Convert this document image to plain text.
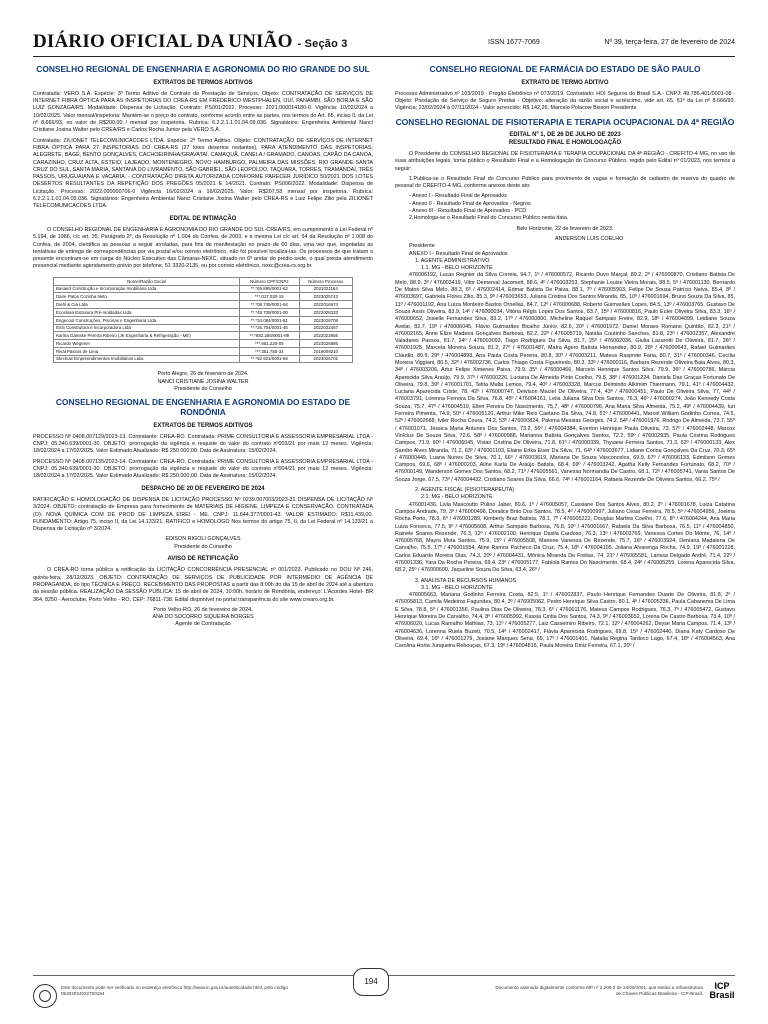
DIÁRIO OFICIAL DA UNIÃO - Seção 3	ISSN 1677-7069	Nº 39, terça-feira, 27 de fevereiro de 2024
CONSELHO REGIONAL DE ENGENHARIA E AGRONOMIA DO RIO GRANDE DO SUL
EXTRATOS DE TERMOS ADITIVOS

Contratada: VERO S.A. Espécie: 3º Termo Aditivo de Contrato de Prestação de Serviços. Objeto: CONTRATAÇÃO DE SERVIÇOS DE INTERNET FIBRA ÓPTICA PARA AS INSPETORIAS DO CREA-RS EM FREDERICO WESTPHALEN, IJUÍ, PANAMBI, SÃO BORJA E SÃO LUIZ GONZAGA/RS. Modalidade: Dispensa de Licitação. Contrato: PS001/2022. Processo: 2021.000014180-0. Vigência: 10/02/2024 a 10/02/2025. Valor mensal/inspetoria: Mantém-se o preço do contrato, conforme acordo entre as partes, nos termos do Art. 65, inciso II, da Lei nº 8.666/93, no valor de R$200,00 / mensal por inspetoria. Rubrica: 6.2.2.1.1.01.04.09.036. Signatários: Engenheira Ambiental Nanci Cristiane Josina Walter pelo CREA/RS e Carlos Rocha Junior pela VERO S.A.

Contratada: ZILIONET TELECOMUNICACOES LTDA. Espécie: 2º Termo Aditivo. Objeto: CONTRATAÇÃO DE SERVIÇOS DE INTERNET FIBRA ÓPTICA PARA 27 INSPETORIAS DO CREA-RS (27 lotes desertos restantes), PARA ATENDIMENTO DAS INSPETORIAS: ALEGRETE, BAGÉ, BENTO GONÇALVES, CACHOEIRINHA/GRAVATAÍ, CAMAQUÃ, CANELA / GRAMADO, CANOAS, CAPÃO DA CANOA, CARAZINHO, CRUZ ALTA, ESTEIO, LAJEADO, MONTENEGRO, NOVO HAMBURGO, PALMEIRA DAS MISSÕES, RIO GRANDE SANTA CRUZ DO SUL, SANTA MARIA, SANTANA DO LIVRAMENTO, SÃO GABRIEL, SÃO LEOPOLDO, TAQUARA, TORRES, TRAMANDAÍ, TRÊS PASSOS, URUGUAIANA E VACARIA. - CONTRATAÇÃO DIRETA AUTORIZADA CONFORME PARECER JURÍDICO 50/2021 DOS LOTES DESERTOS RESULTANTES DA REPETIÇÃO DOS PREGÕES 05/2021 E 14/2021. Contrato: PS006/2022. Modalidade: Dispensa de Licitação. Processo: 2022.000000706-0 Vigência 16/02/2024 a 16/02/2025. Valor: R$207,58 mensal por inspetoria. Rubrica: 6.2.2.1.1.01.04.09.036. Signatários: Engenheira Ambiental Nanci Cristiane Josina Walter pelo CREA-RS e Luiz Felipe Zilio pela ZILIONET TELECOMUNICACOES LTDA.

EDITAL DE INTIMAÇÃO

O CONSELHO REGIONAL DE ENGENHARIA E AGRONOMIA DO RIO GRANDE DO SUL-CREA/RS, em cumprimento à Lei Federal nº 5.194, de 1966, c/c art. 35, Parágrafo 2º, da Resolução nº 1.004 do Confea, de 2003, e à mesma Lei c/c art. 54 da Resolução nº 1.008 do Confea, de 2004, científica as pessoas a seguir arroladas, para fins de manifestação no prazo de 60 dias, uma vez que, esgotadas as tentativas de entrega de correspondências por via postal e/ou correio eletrônico, não foi possível localizá-las. Os processos de que tratam o presente encontram-se em carga do Núcleo Executivo das Câmaras-NEXC, situado no 6º andar do prédio-sede, o qual presta atendimento presencial mediante agendamento prévio por telefone, 51 3320-2135, ou por correio eletrônico, nexc@crea-rs.org.br.

Nome/Razão Social	Número CPF/CNPJ	Número Processo
Basaert Construção e Incorporação Imobiliária Ltda	**.*65.895/0001-62	2021021164
Daire Patos Cozinha Neto	***.017.020-15	2023025743
Diehl & Cia Ltda	**.*08.749/0001-84	2022016674
Ecosloan Estrutura Pré-moldadas Ltda	**.*48.708/0001-00	2022028333
Engecool Construções, Piscinas e Engenharia Ltda.	**.*34.084/0001-81	2023026708
ESS Construtora e Incorporadora Ltda	**.*26.704/0001-46	2022032467
Karina Gamske Pereira Ribeiro (JK Engenharia & Refrigeração - ME)	**.*892.286/0001-89	2022022955
Ricardo Wegener	***.961.220-05	2023026885
Rival Passos de Lima	***.351.780-34	2019009210
Stechow Empreendimentos Imobiliários Ltda.	**.*92.921/0001-68	2023026702

Porto Alegre, 26 de fevereiro de 2024.

NANCI CRISTIANE JOSINA WALTER

Presidente do Conselho

CONSELHO REGIONAL DE ENGENHARIA E AGRONOMIA DO ESTADO DE RONDÔNIA
EXTRATOS DE TERMOS ADITIVOS

PROCESSO Nº 0408.007129/2023-13. Contratante: CREA-RO. Contratada: PRIME CONSULTORIA E ASSESSORIA EMPRESARIAL LTDA - CNPJ: 05.340.639/0001-30. OBJETO: prorrogação da vigência e reajuste do valor do contrato nº003/21 por mais 12 meses. Vigência: 18/02/2024 a 17/02/2025. Valor Estimado Atualizado: R$ 250.000,00. Data de Assinatura: 15/02/2024.

PROCESSO Nº 0408.007135/2023-14. Contratante: CREA-RO. Contratada: PRIME CONSULTORIA E ASSESSORIA EMPRESARIAL LTDA - CNPJ: 05.340.639/0001-30. OBJETO: prorrogação da vigência e reajuste do valor do contrato nº004/21 por mais 12 meses. Vigência: 18/02/2024 a 17/02/2025. Valor Estimado Atualizado: R$ 250.000,00. Data de Assinatura: 15/02/2024.

DESPACHO DE 20 DE FEVEREIRO DE 2024

RATIFICAÇÃO E HOMOLOGAÇÃO DE DISPENSA DE LICITAÇÃO PROCESSO Nº 0239.007003/2023-31 DISPENSA DE LICITAÇÃO Nº 3/2024. OBJETO: contratação de Empresa para fornecimento de MATERIAIS DE HIGIENE, LIMPEZA E CONSERVAÇÃO. CONTRATADA (O): NOVA QUÍMICA COM DE PROD DE LIMPEZA EIREI - ME. CNPJ: 11.644.377/0001-43. VALOR ESTIMADO: R$11.439,00. FUNDAMENTO: Artigo 75, inciso II, da Lei 14.133/21. RATIFICO e HOMOLOGO Nos termos do artigo 75, II, da Lei Federal nº 14.133/21 a Dispensa de Licitação nº 3/2024.

EDISON RIGOLI GONÇALVES

Presidente do Conselho

AVISO DE RETIFICAÇÃO

O CREA-RO torna pública a retificação da LICITAÇÃO CONCORRÊNCIA PRESENCIAL nº 001/2023. Publicado no DOU Nº 246, quinta-feira, 28/12/2023. OBJETO: CONTRATAÇÃO DE SERVIÇOS DE PUBLICIDADE POR INTERMÉDIO DE AGÊNCIA DE PROPAGANDA, do tipo TÉCNICA E PREÇO. RECEBIMENTO DAS PROPOSTAS a partir das 8:00h do dia 15 de abril de 2024 até a abertura da sessão pública. REALIZAÇÃO DA SESSÃO PÚBLICA: 15 de abril de 2024, 10:00h, horário de Rondônia, endereço: L'Acordes Hotel- BR 364, 8250 - Aeroclube, Porto Velho - RO, CEP: 76811-738. Edital disponível no portal transparência do site www.crearo.org.br.

Porto Velho-RO, 26 de fevereiro de 2024.

ANA DO SOCORRO SIQUEIRA BORGES

Agente de Contratação

CONSELHO REGIONAL DE FARMÁCIA DO ESTADO DE SÃO PAULO
EXTRATO DE TERMO ADITIVO

Processo Administrativo nº 103/2019 - Pregão Eletrônico nº 073/2019. Contratado: HDI Seguros do Brasil S.A - CNPJ: 49.786.401/0001-08 - Objeto: Prestação de Serviço de Seguro Predial - Objetivo: alteração da razão social e acréscimo, vide art. 65, §1º da Lei nº 8.666/93. Vigência: 23/02/2024 à 07/11/2024 - Valor acrescido: R$ 142,26. Marcelo Polacow Bisson Presidente

CONSELHO REGIONAL DE FISIOTERAPIA E TERAPIA OCUPACIONAL DA 4ª REGIÃO
EDITAL Nº 1, DE 26 DE JULHO DE 2023
RESULTADO FINAL E HOMOLOGAÇÃO

O Presidente do CONSELHO REGIONAL DE FISIOTERAPIA E TERAPIA OCUPACIONAL DA 4ª REGIÃO - CREFITO-4 MG, no uso de suas atribuições legais, torna público o Resultado Final e a Homologação do Concurso Público, regido pelo Edital nº 01/2023, nos termos a seguir:

1.Publica-se o Resultado Final do Concurso Público para provimento de vagas e formação de cadastro de reserva do quadro de pessoal do CREFITO-4 MG, conforme anexos deste ato:

- Anexo I - Resultado Final de Aprovados

- Anexo II - Resultado Final de Aprovados - Negros

- Anexo III - Resultado Final de Aprovados - PCD

2.Homologa-se o Resultado Final do Concurso Público nesta data.

Belo Horizonte, 22 de fevereiro de 2023.

ANDERSON LUÍS COELHO

Presidente

ANEXO I - Resultado Final de Aprovados

1. AGENTE ADMINISTRATIVO

1.1. MG - BELO HORIZONTE

476006192, Lucas Regnier da Silva Correia, 94.7, 1º / 476000572, Ricardo Duvo Marçal, 89.2, 2º / 476000870, Cristiano Batista De Melo, 88.9, 3º / 476003419, Vitor Demerval Jacomett, 88.6, 4º / 476003253, Stephanie Louise Vieira Morais, 88.5, 5º / 476001130, Bernardo De Matos Silva Melo, 88.3, 6º / 476002414, Edmar Batista De Paiva, 88.1, 7º / 476005993, Felipe De Sousa Patrício Neiva, 85.4, 8º / 476003697, Gabriela Flores Zilio, 85.3, 9º / 476003653, Juliana Cristina Dos Santos Miranda, 85, 10º / 476001694, Bruno Souza Da Silva, 85, 11º / 476001192, Ana Luiza Monteiro Bastos Ornellas, 84.7, 12º / 476000688, Roberto Guimarães Lopes, 84.5, 13º / 476003765, Gustavo De Souza Assis Oliveira, 83.9, 14º / 476000034, Vitória Régis Lopes Dos Santos, 83.7, 15º / 476000816, Paulo Euler Oliveira Silva, 83.3, 16º / 476000652, Josielle Fernandes Silva, 83.2, 17º / 476000800, Micheline Raquel Sampaio Freire, 82.9, 18º / 476004099, Leidiane Souza Avelar, 82.7, 19º / 476006045, Flávio Guimarães Bicalho Júnior, 82.6, 20º / 476001972, Daniel Moraes Romano Quintão, 82.3, 21º / 476002165, Anne Elize Madeira Gonçalves Barbosa, 82.2, 22º / 476005719, Natália Coutinho Sanches, 81.8, 23º / 476002357, Alexandre Valadares Passos, 81.7, 24º / 476003093, Tiago Rodrigues Da Silva, 81.7, 25º / 476002036, Giulia Lazarotti De Oliveira, 81.7, 26º / 476001925, Marcela Moreira Souza, 81.2, 27º / 476001487, Maíra Agero Batista Hernandez, 80.9, 28º / 476000643, Rafael Guimarães Cláudio, 80.9, 29º / 476004893, Ana Paula Costa Pereira, 80.8, 30º / 476003211, Mateus Rasprete Faria, 80.7, 31º / 476000346, Cecília Moreira Viggiani, 80.5, 32º / 476002736, Carlos Thiago Costa Figueiredo, 80.3, 33º / 476000116, Barbara Rezende Oliveira Baia Alves, 80.3, 34º / 476003206, Artur Felipe Ximenes Paiva, 79.9, 35º / 476000466, Marcelo Henrique Santos Silva, 79.9, 36º / 476000786, Márcia Aparecida Silva Araújo, 79.9, 37º / 476000226, Luciana De Almeida Pinto Coelho, 79.8, 38º / 476001224, Daniela Das Graças Fortunato De Oliveira, 79.8, 39º / 476001701, Telita Malta Lemos, 79.4, 40º / 476003328, Marcus Delmindo Alkimim Thiermann, 79.1, 41º / 476004432, Luciana Aparecida Criste, 78, 42º / 476000747, Deivison Maciel De Oliveira, 77.4, 43º / 476000451, Paulo De Oliveira Silva, 77, 44º / 476003791, Lorenna Ferreira Da Silva, 76.8, 45º / 476004161, Leila Juliana Silva Dos Santos, 76.3, 46º / 476000274, João Kennedy Costa Souza, 75.7, 47º / 476004519, Ellen Pereira Do Nascimento, 75.7, 48º / 476000796, Ana Maria Silva Almeida, 75.2, 49º / 476004439, Iuri Ferreira Pimenta, 74.9, 50º / 476005120, Arthur Mike Reis Caetano Da Silva, 74.8, 51º / 476000441, Marcel William Godinho Correa, 74.5, 52º / 476002688, Iviler Rocha Coura, 74.2, 53º / 476000824, Paloma Messias Georges, 74.2, 54º / 476001976, Rodrigo De Almeida, 73.7, 55º / 476001071, Jéssica Maria Antunes Dos Santos, 73.2, 56º / 476004384, Everton Henrique Paula Oliveira, 73, 57º / 476002448, Marcos Vinícius De Souza Silva, 72.6, 58º / 476000988, Marianna Batista Gonçalves Santos, 72.2, 59º / 476002935, Paula Cristina Rodrigues Campos, 71.9, 60º / 476006045, Vivian Cristina De Oliveira, 71.8, 61º / 476000339, Thyvane Ferreira Santos, 71.3, 62º / 476000133, Alex Sandro Alves Miranda, 71.2, 63º / 476001103, Elaine Erika Eiser Da Silva, 71, 64º / 476003677, Lidiane Corina Gonçalves Da Cruz, 70.3, 65º / 476000449, Luana Nunes De Silva, 70.1, 66º / 476003619, Mariana De Souza Vasconcelos, 69.9, 67º / 476006133, Edmilson Gomes Campos, 69.6, 68º / 476000203, Aline Karla De Araújo Batista, 68.4, 69º / 476003242, Agatha Kelly Fernandes Fortunato, 68.2, 70º / 476000149, Wanderson Gomes Dos Santos, 68.2, 71º / 476005561, Vanessa Normandia De Castro, 68.1, 72º / 476005741, Vania Santos De Souza Jorge, 67.5, 73º / 476004432, Cristiano Soares Da Silva, 66.6, 74º / 476001164, Rafaela Rezende De Oliveira Santos, 66.2, 75º /

2. AGENTE FISCAL (FISIOTERAPEUTA)

2.1. MG - BELO HORIZONTE

476001436, Livia Mascoutto Pulino Jaber, 80.6, 1º / 476005057, Cassiane Dos Santos Alves, 80.2, 2º / 476001678, Luiza Catarina Campos Andrade, 79, 3º / 476000496, Doralice Brito Dos Santos, 78.5, 4º / 476000997, Juliano Cesar Ferreira, 78.5, 5º / 476004956, Joelma Rocha Porto, 78.3, 6º / 476001289, Kimberly Braz Batista, 78.1, 7º / 476005222, Douglas Martins Coelho, 77.6, 8º / 476004244, Ana Maria Luiza Fonseca, 77.5, 9º / 476005608, Arthur Sampaio Barbosa, 76.8, 10º / 476001667, Rafaela Da Silva Barbosa, 76.5, 11º / 476004850, Rainele Soares Rezende, 76.3, 12º / 476002100, Henrique Davila Cardoso, 76.3, 13º / 476003769, Vanessa Cortes Do Monte, 76, 14º / 476005768, Mayra Mota Santos, 75.9, 15º / 476005508, Mariene Vanessa De Rezende, 75.7, 16º / 476003924, Deniana Madalena De Carvalho, 75.5, 17º / 476001554, Aline Ramos Pacheco Da Cruz, 75.4, 18º / 476004105, Juliana Alvarenga Rocha, 74.9, 19º / 476001228, Carlos Eduardo Moreira Dias, 74.3, 20º / 476004431, Mônica Miranda De Freitas, 74, 21º / 476005581, Larissa Delgado André, 71.4, 22º / 476001336, Yara Da Rocha Pereira, 69.4, 23º / 476005177, Fabíola Ramos Do Nascimento, 68.4, 24º / 476005259, Lorena Aparecida Silva, 68.2, 25º / 476000600, Jaqueline Souza Da Silva, 63.4, 26º /

3. ANALISTA DE RECURSOS HUMANOS

3.1. MG - BELO HORIZONTE

476005663, Mariana Godinho Ferreira Costa, 82.5, 1º / 476002837, Paulo Henrique Fernandes Duarte De Oliveira, 81.8, 2º / 476005813, Camila Medeiros Fagundes, 80.4, 3º / 476005062, Pedro Henrique Silva Castro, 80.1, 4º / 476005336, Paula Cabanema De Lima E Silva, 78.8, 5º / 476001356, Paulina Dias De Oliveira, 78.3, 6º / 476001176, Mateus Campos Rodrigues, 76.3, 7º / 476005472, Gustavo Henrique Moreira De Carvalho, 74.4, 8º / 476005992, Kassia Cintia Dos Santos, 74.3, 9º / 476003652, Lorena De Castro Barbosa, 73.4, 10º / 476006020, Lucas Ramalho Mathias, 73, 11º / 476005277, Laiz Cassemiro Ribeiro, 72.1, 12º / 476004262, Deyse Maria Campos, 71.4, 13º / 476004636, Lorenna Ruela Buzeti, 70.5, 14º / 476002417, Flávia Aparecida Rodrigues, 69.8, 15º / 476002440, Diana Katy Cardoso De Oliveira, 69.4, 16º / 476001279, Josiane Marques Sena, 69, 17º / 476001401, Natalia Regina Tardoco Lago, 67.4, 18º / 476004563, Ana Carolina Horta Junqueira Rebouças, 67.3, 19º / 476004816, Paula Moreira Diniz Ferreira, 67.1, 20º /

Este documento pode ser verificado no endereço eletrônico http://www.in.gov.br/autenticidade.html, pelo código 05302024022700194
194
Documento assinado digitalmente conforme MP nº 2.200-2 de 24/08/2001, que institui a Infraestrutura de Chaves Públicas Brasileira - ICP-Brasil.
ICP Brasil
